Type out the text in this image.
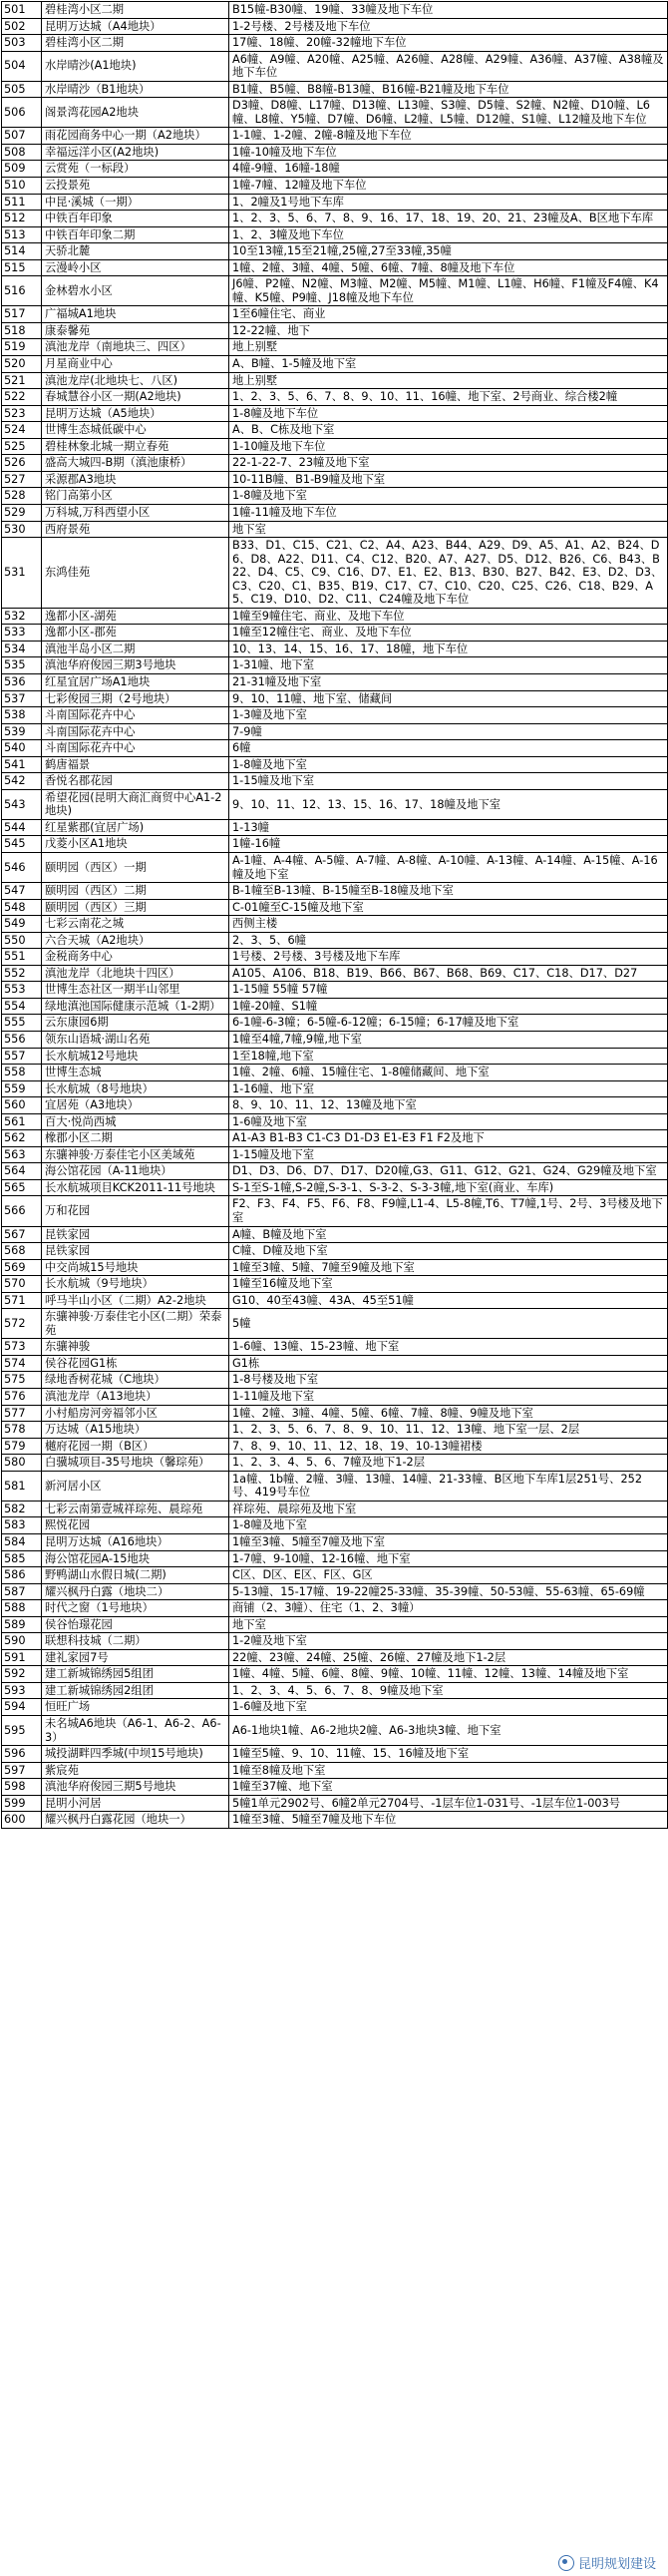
501	碧桂湾小区二期	B15幢-B30幢、19幢、33幢及地下车位
502	昆明万达城（A4地块）	1-2号楼、2号楼及地下车位
503	碧桂湾小区二期	17幢、18幢、20幢-32幢地下车位
504	水岸晴沙(A1地块)	A6幢、A9幢、A20幢、A25幢、A26幢、A28幢、A29幢、A36幢、A37幢、A38幢及地下车位
505	水岸晴沙（B1地块）	B1幢、B5幢、B8幢-B13幢、B16幢-B21幢及地下车位
506	阁景湾花园A2地块	D3幢、D8幢、L17幢、D13幢、L13幢、S3幢、D5幢、S2幢、N2幢、D10幢、L6幢、L8幢、Y5幢、D7幢、D6幢、L2幢、L5幢、D12幢、S1幢、L12幢及地下车位
507	雨花园商务中心一期（A2地块）	1-1幢、1-2幢、2幢-8幢及地下车位
508	幸福远洋小区(A2地块)	1幢-10幢及地下车位
509	云赏苑（一标段）	4幢-9幢、16幢-18幢
510	云投景苑	1幢-7幢、12幢及地下车位
511	中昆·溪城（一期）	1、2幢及1号地下车库
512	中铁百年印象	1、2、3、5、6、7、8、9、16、17、18、19、20、21、23幢及A、B区地下车库
513	中铁百年印象二期	1、2、3幢及地下车位
514	天骄北麓	10至13幢,15至21幢,25幢,27至33幢,35幢
515	云漫岭小区	1幢、2幢、3幢、4幢、5幢、6幢、7幢、8幢及地下车位
516	金林碧水小区	J6幢、P2幢、N2幢、M3幢、M2幢、M5幢、M1幢、L1幢、H6幢、F1幢及F4幢、K4幢、K5幢、P9幢、J18幢及地下车位
517	广福城A1地块	1至6幢住宅、商业
518	康泰馨苑	12-22幢、地下
519	滇池龙岸（南地块三、四区）	地上别墅
520	月星商业中心	A、B幢、1-5幢及地下室
521	滇池龙岸(北地块七、八区)	地上别墅
522	春城慧谷小区一期(A2地块)	1、2、3、5、6、7、8、9、10、11、16幢、地下室、2号商业、综合楼2幢
523	昆明万达城（A5地块）	1-8幢及地下车位
524	世博生态城低碳中心	A、B、C栋及地下室
525	碧桂林象北城一期立春苑	1-10幢及地下车位
526	盛高大城四-B期（滇池康桥）	22-1-22-7、23幢及地下室
527	采源郡A3地块	10-11B幢、B1-B9幢及地下室
528	铭门高第小区	1-8幢及地下室
529	万科城,万科西望小区	1幢-11幢及地下车位
530	西府景苑	地下室
531	东鸿佳苑	B33、D1、C15、C21、C2、A4、A23、B44、A29、D9、A5、A1、A2、B24、D6、D8、A22、D11、C4、C12、B20、A7、A27、D5、D12、B26、C6、B43、B22、D4、C5、C9、C16、D7、E1、E2、B13、B30、B27、B42、E3、D2、D3、C3、C20、C1、B35、B19、C17、C7、C10、C20、C25、C26、C18、B29、A5、C19、D10、D2、C11、C24幢及地下车位
532	逸都小区-湖苑	1幢至9幢住宅、商业、及地下车位
533	逸都小区-郡苑	1幢至12幢住宅、商业、及地下车位
534	滇池半岛小区二期	10、13、14、15、16、17、18幢，地下车位
535	滇池华府俊园三期3号地块	1-31幢、地下室
536	红星宜居广场A1地块	21-31幢及地下室
537	七彩俊园三期（2号地块）	9、10、11幢、地下室、储藏间
538	斗南国际花卉中心	1-3幢及地下室
539	斗南国际花卉中心	7-9幢
540	斗南国际花卉中心	6幢
541	鹤唐福景	1-8幢及地下室
542	香悦名郡花园	1-15幢及地下室
543	希望花园(昆明大商汇商贸中心A1-2地块)	9、10、11、12、13、15、16、17、18幢及地下室
544	红星紫郡(宜居广场)	1-13幢
545	戊菱小区A1地块	1幢-16幢
546	颐明园（西区）一期	A-1幢、A-4幢、A-5幢、A-7幢、A-8幢、A-10幢、A-13幢、A-14幢、A-15幢、A-16幢及地下室
547	颐明园（西区）二期	B-1幢至B-13幢、B-15幢至B-18幢及地下室
548	颐明园（西区）三期	C-01幢至C-15幢及地下室
549	七彩云南花之城	西侧主楼
550	六合天城（A2地块）	2、3、5、6幢
551	金税商务中心	1号楼、2号楼、3号楼及地下车库
552	滇池龙岸（北地块十四区）	A105、A106、B18、B19、B66、B67、B68、B69、C17、C18、D17、D27
553	世博生态社区一期半山邻里	1-15幢 55幢 57幢
554	绿地滇池国际健康示范城（1-2期）	1幢-20幢、S1幢
555	云东康园6期	6-1幢-6-3幢；6-5幢-6-12幢；6-15幢；6-17幢及地下室
556	领东山语城·湖山名苑	1幢至4幢,7幢,9幢,地下室
557	长水航城12号地块	1至18幢,地下室
558	世博生态城	1幢、2幢、6幢、15幢住宅、1-8幢储藏间、地下室
559	长水航城（8号地块）	1-16幢、地下室
560	宜居苑（A3地块）	8、9、10、11、12、13幢及地下室
561	百大·悦尚西城	1-6幢及地下室
562	橡郡小区二期	A1-A3 B1-B3 C1-C3 D1-D3 E1-E3 F1 F2及地下
563	东骧神骏·万泰佳宅小区美域苑	1-15幢及地下室
564	海公馆花园（A-11地块）	D1、D3、D6、D7、D17、D20幢,G3、G11、G12、G21、G24、G29幢及地下室
565	长水航城项目KCK2011-11号地块	S-1至S-1幢,S-2幢,S-3-1、S-3-2、S-3-3幢,地下室(商业、车库)
566	万和花园	F2、F3、F4、F5、F6、F8、F9幢,L1-4、L5-8幢,T6、T7幢,1号、2号、3号楼及地下室
567	昆铁家园	A幢、B幢及地下室
568	昆铁家园	C幢、D幢及地下室
569	中交尚城15号地块	1幢至3幢、5幢、7幢至9幢及地下室
570	长水航城（9号地块）	1幢至16幢及地下室
571	呼马半山小区（二期）A2-2地块	G10、40至43幢、43A、45至51幢
572	东骧神骏·万泰佳宅小区(二期）荣泰苑	5幢
573	东骧神骏	1-6幢、13幢、15-23幢、地下室
574	侯谷花园G1栋	G1栋
575	绿地香树花城（C地块）	1-8号楼及地下室
576	滇池龙岸（A13地块）	1-11幢及地下室
577	小村船房河旁福邻小区	1幢、2幢、3幢、4幢、5幢、6幢、7幢、8幢、9幢及地下室
578	万达城（A15地块）	1、2、3、5、6、7、8、9、10、11、12、13幢、地下室一层、2层
579	樾府花园一期（B区）	7、8、9、10、11、12、18、19、10-13幢裙楼
580	白骥城项目-35号地块（馨琮苑）	1、2、3、4、5、6、7幢及地下1-2层
581	新河居小区	1a幢、1b幢、2幢、3幢、13幢、14幢、21-33幢、B区地下车库1层251号、252号、419号车位
582	七彩云南第壹城祥琮苑、晨琮苑	祥琮苑、晨琮苑及地下室
583	熙悦花园	1-8幢及地下室
584	昆明万达城（A16地块）	1幢至3幢、5幢至7幢及地下室
585	海公馆花园A-15地块	1-7幢、9-10幢、12-16幢、地下室
586	野鸭湖山水假日城(二期)	C区、D区、E区、F区、G区
587	耀兴枫丹白露（地块二）	5-13幢、15-17幢、19-22幢25-33幢、35-39幢、50-53幢、55-63幢、65-69幢
588	时代之窗（1号地块）	商铺（2、3幢）、住宅（1、2、3幢）
589	侯谷怡璟花园	地下室
590	联想科技城（二期）	1-2幢及地下室
591	建礼家园7号	22幢、23幢、24幢、25幢、26幢、27幢及地下1-2层
592	建工新城锦绣园5组团	1幢、4幢、5幢、6幢、8幢、9幢、10幢、11幢、12幢、13幢、14幢及地下室
593	建工新城锦绣园2组团	1、2、3、4、5、6、7、8、9幢及地下室
594	恒旺广场	1-6幢及地下室
595	未名城A6地块（A6-1、A6-2、A6-3）	A6-1地块1幢、A6-2地块2幢、A6-3地块3幢、地下室
596	城投湖畔四季城(中坝15号地块)	1幢至5幢、9、10、11幢、15、16幢及地下室
597	紫宸苑	1幢至8幢及地下室
598	滇池华府俊园三期5号地块	1幢至37幢、地下室
599	昆明小河居	5幢1单元2902号、6幢2单元2704号、-1层车位1-031号、-1层车位1-003号
600	耀兴枫丹白露花园（地块一）	1幢至3幢、5幢至7幢及地下车位
昆明规划建设
